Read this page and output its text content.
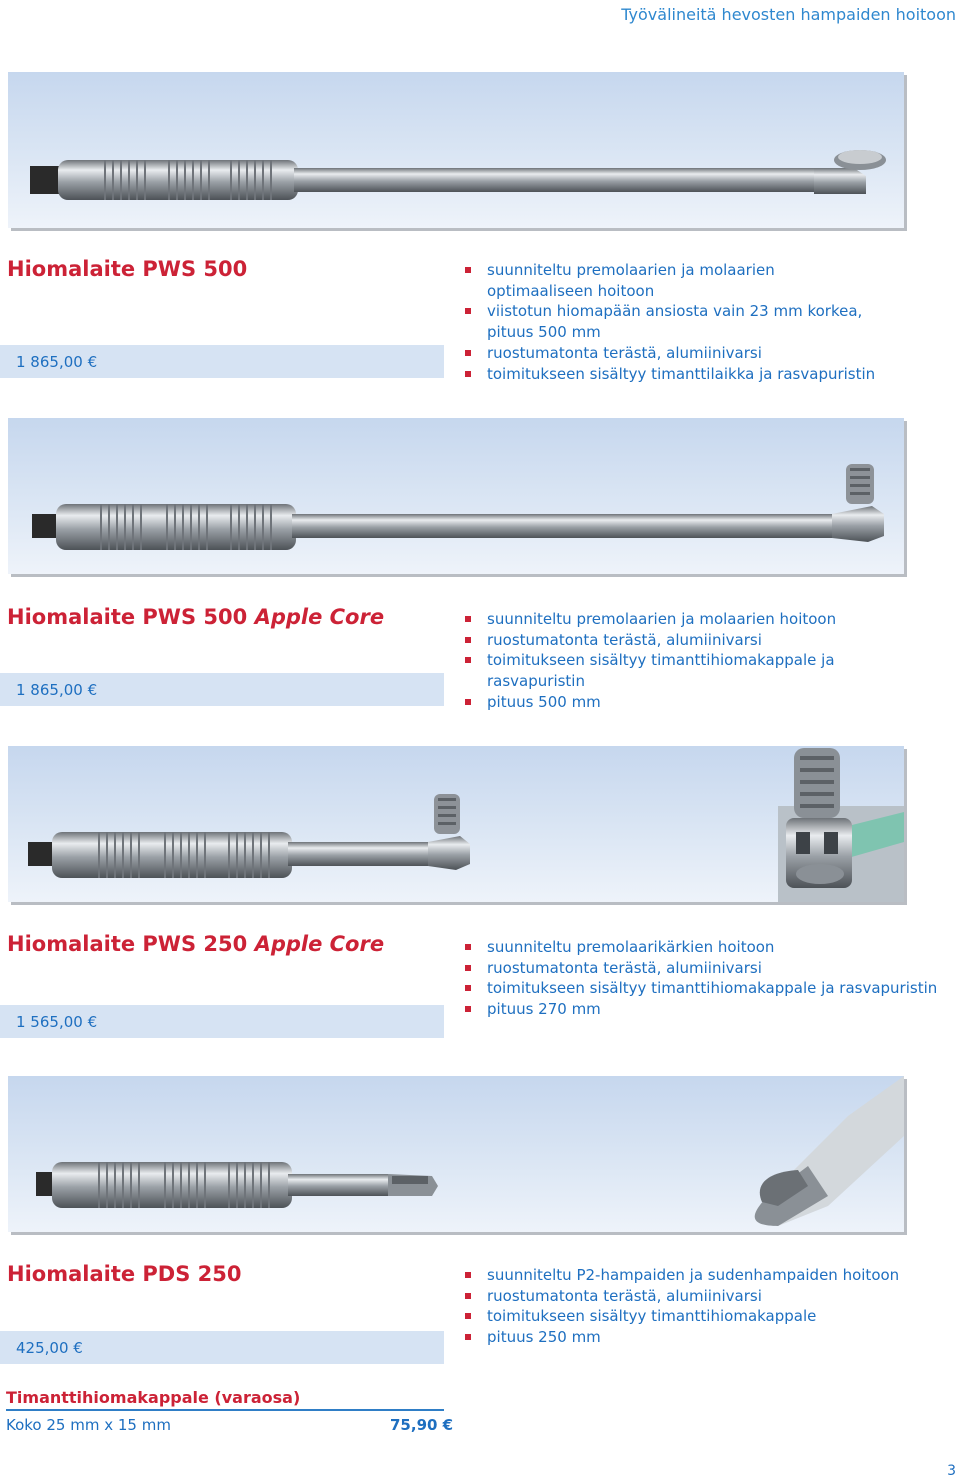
Työvälineitä hevosten hampaiden hoitoon
Hiomalaite PWS 500
1 865,00 €
suunniteltu premolaarien ja molaarien
optimaaliseen hoitoon
viistotun hiomapään ansiosta vain 23 mm korkea,
pituus 500 mm
ruostumatonta terästä, alumiinivarsi
toimitukseen sisältyy timanttilaikka ja rasvapuristin
Hiomalaite PWS 500 Apple Core
1 865,00 €
suunniteltu premolaarien ja molaarien hoitoon
ruostumatonta terästä, alumiinivarsi
toimitukseen sisältyy timanttihiomakappale ja
rasvapuristin
pituus 500 mm
Hiomalaite PWS 250 Apple Core
1 565,00 €
suunniteltu premolaarikärkien hoitoon
ruostumatonta terästä, alumiinivarsi
toimitukseen sisältyy timanttihiomakappale ja rasvapuristin
pituus 270 mm
Hiomalaite PDS 250
425,00 €
suunniteltu P2-hampaiden ja sudenhampaiden hoitoon
ruostumatonta terästä, alumiinivarsi
toimitukseen sisältyy timanttihiomakappale
pituus 250 mm
Timanttihiomakappale (varaosa)
Koko 25 mm x 15 mm	75,90 €
3
